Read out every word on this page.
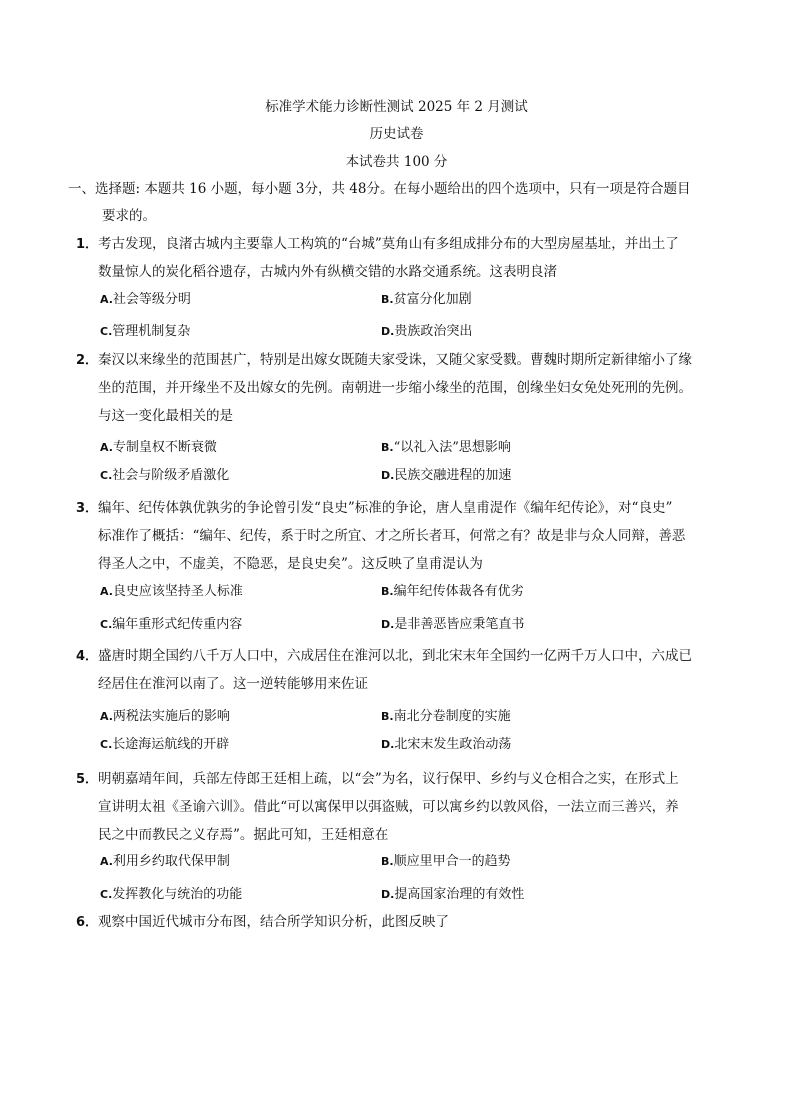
标准学术能力诊断性测试 2025 年 2 月测试
历史试卷
本试卷共 100 分
一、选择题: 本题共 16 小题，每小题 3分，共 48分。在每小题给出的四个选项中，只有一项是符合题目
要求的。
1． 考古发现，良渚古城内主要靠人工构筑的“台城”莫角山有多组成排分布的大型房屋基址，并出土了
数量惊人的炭化稻谷遗存，古城内外有纵横交错的水路交通系统。这表明良渚
A.社会等级分明	B.贫富分化加剧
C.管理机制复杂	D.贵族政治突出
2． 秦汉以来缘坐的范围甚广，特别是出嫁女既随夫家受诛，又随父家受戮。曹魏时期所定新律缩小了缘
坐的范围，并开缘坐不及出嫁女的先例。南朝进一步缩小缘坐的范围，创缘坐妇女免处死刑的先例。
与这一变化最相关的是
A.专制皇权不断衰微	B.“以礼入法”思想影响
C.社会与阶级矛盾激化	D.民族交融进程的加速
3． 编年、纪传体孰优孰劣的争论曾引发“良史”标准的争论，唐人皇甫湜作《编年纪传论》，对“良史”
标准作了概括：“编年、纪传，系于时之所宜、才之所长者耳，何常之有？故是非与众人同辩，善恶
得圣人之中，不虚美，不隐恶，是良史矣”。这反映了皇甫湜认为
A.良史应该坚持圣人标准	B.编年纪传体裁各有优劣
C.编年重形式纪传重内容	D.是非善恶皆应秉笔直书
4． 盛唐时期全国约八千万人口中，六成居住在淮河以北，到北宋末年全国约一亿两千万人口中，六成已
经居住在淮河以南了。这一逆转能够用来佐证
A.两税法实施后的影响	B.南北分卷制度的实施
C.长途海运航线的开辟	D.北宋末发生政治动荡
5． 明朝嘉靖年间，兵部左侍郎王廷相上疏，以“会”为名，议行保甲、乡约与义仓相合之实，在形式上
宣讲明太祖《圣谕六训》。借此“可以寓保甲以弭盗贼，可以寓乡约以敦风俗，一法立而三善兴，养
民之中而教民之义存焉”。据此可知，王廷相意在
A.利用乡约取代保甲制	B.顺应里甲合一的趋势
C.发挥教化与统治的功能	D.提高国家治理的有效性
6． 观察中国近代城市分布图，结合所学知识分析，此图反映了
